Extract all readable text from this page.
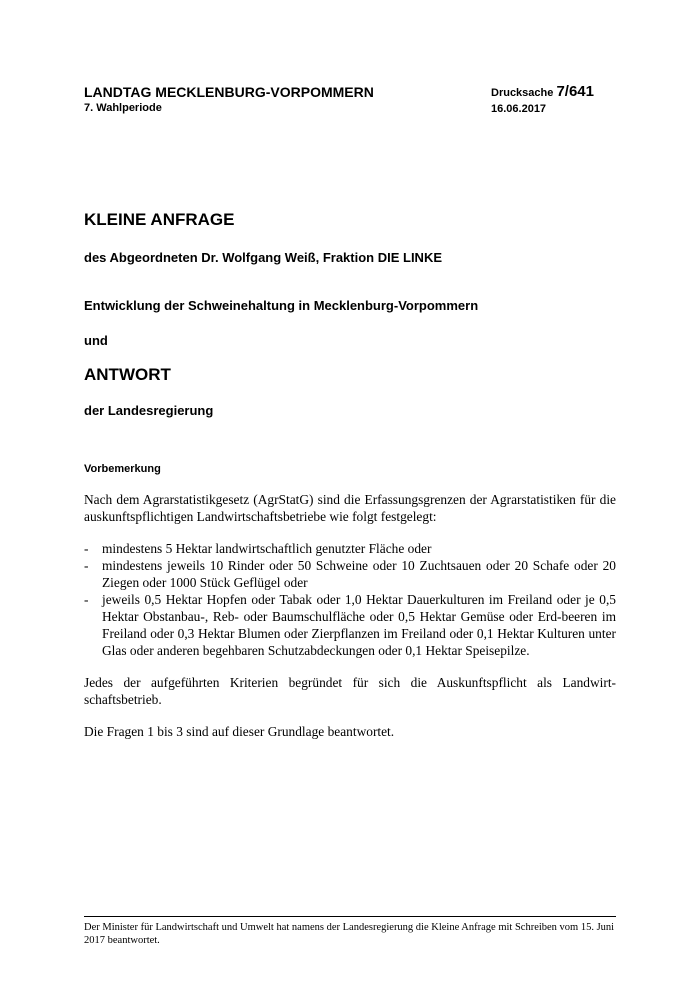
LANDTAG MECKLENBURG-VORPOMMERN
7. Wahlperiode
Drucksache 7/641
16.06.2017
KLEINE ANFRAGE
des Abgeordneten Dr. Wolfgang Weiß, Fraktion DIE LINKE
Entwicklung der Schweinehaltung in Mecklenburg-Vorpommern
und
ANTWORT
der Landesregierung
Vorbemerkung

Nach dem Agrarstatistikgesetz (AgrStatG) sind die Erfassungsgrenzen der Agrarstatistiken für die auskunftspflichtigen Landwirtschaftsbetriebe wie folgt festgelegt:

- mindestens 5 Hektar landwirtschaftlich genutzter Fläche oder
- mindestens jeweils 10 Rinder oder 50 Schweine oder 10 Zuchtsauen oder 20 Schafe oder 20 Ziegen oder 1000 Stück Geflügel oder
- jeweils 0,5 Hektar Hopfen oder Tabak oder 1,0 Hektar Dauerkulturen im Freiland oder je 0,5 Hektar Obstanbau-, Reb- oder Baumschulfläche oder 0,5 Hektar Gemüse oder Erd-beeren im Freiland oder 0,3 Hektar Blumen oder Zierpflanzen im Freiland oder 0,1 Hektar Kulturen unter Glas oder anderen begehbaren Schutzabdeckungen oder 0,1 Hektar Speisepilze.

Jedes der aufgeführten Kriterien begründet für sich die Auskunftspflicht als Landwirt-schaftsbetrieb.

Die Fragen 1 bis 3 sind auf dieser Grundlage beantwortet.

Der Minister für Landwirtschaft und Umwelt hat namens der Landesregierung die Kleine Anfrage mit Schreiben vom 15. Juni 2017 beantwortet.
